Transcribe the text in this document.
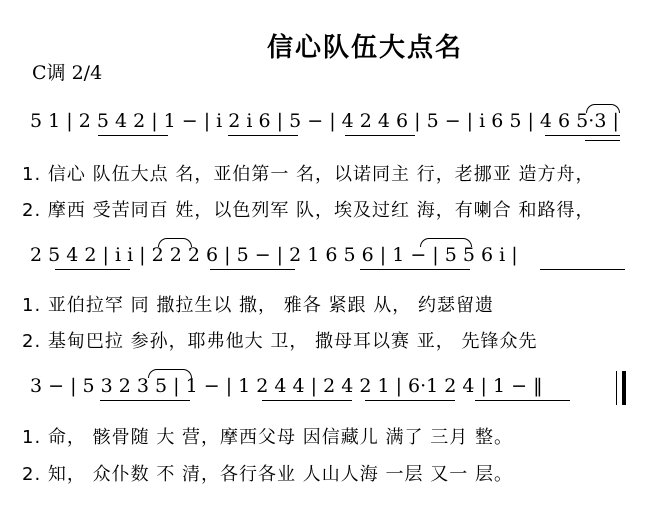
信心队伍大点名
C调 2/4
5 1 | 2 5 4 2 | 1 − | i 2 i 6 | 5 − | 4 2 4 6 | 5 − | i 6 5 | 4 6 5·3 |
1. 信心 队伍大点 名，亚伯第一 名，以诺同主 行，老挪亚 造方舟，
2. 摩西 受苦同百 姓，以色列军 队，埃及过红 海，有喇合 和路得，
2 5 4 2 | i i | 2 2 2 6 | 5 − | 2 1 6 5 6 | 1 − | 5 5 6 i |
1. 亚伯拉罕 同 撒拉生以 撒， 雅各 紧跟 从， 约瑟留遗
2. 基甸巴拉 参孙，耶弗他大 卫， 撒母耳以赛 亚， 先锋众先
3 − | 5 3 2 3 5 | 1 − | 1 2 4 4 | 2 4 2 1 | 6·1 2 4 | 1 − ‖
1. 命， 骸骨随 大 营，摩西父母 因信藏儿 满了 三月 整。
2. 知， 众仆数 不 清，各行各业 人山人海 一层 又一 层。
